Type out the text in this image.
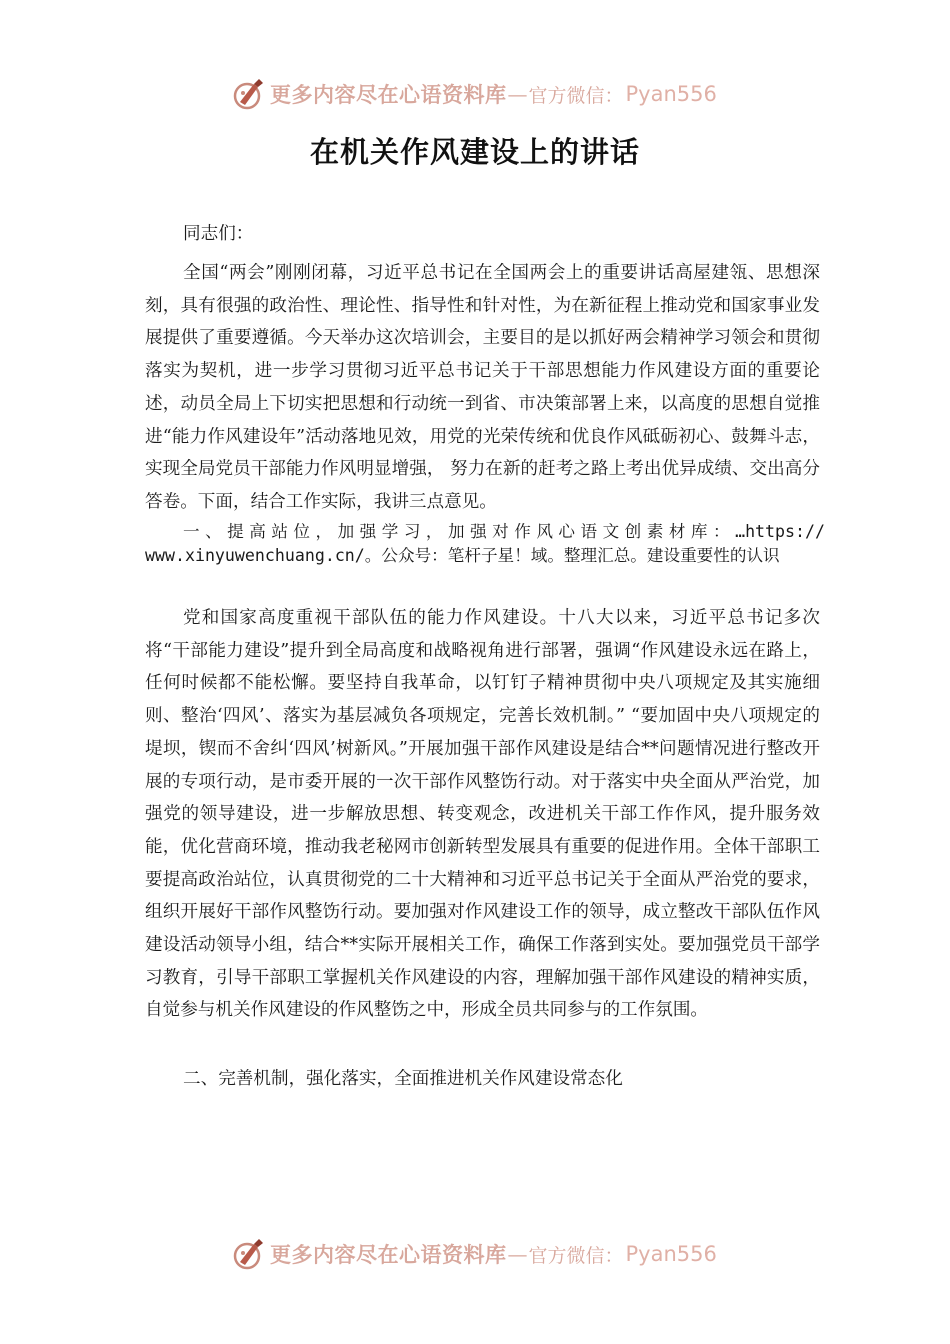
更多内容尽在心语资料库 — 官方微信： Pyan556
在机关作风建设上的讲话

同志们：

全国“两会”刚刚闭幕，习近平总书记在全国两会上的重要讲话高屋建瓴、思想深刻，具有很强的政治性、理论性、指导性和针对性，为在新征程上推动党和国家事业发展提供了重要遵循。今天举办这次培训会，主要目的是以抓好两会精神学习领会和贯彻落实为契机，进一步学习贯彻习近平总书记关于干部思想能力作风建设方面的重要论述，动员全局上下切实把思想和行动统一到省、市决策部署上来，以高度的思想自觉推进“能力作风建设年”活动落地见效，用党的光荣传统和优良作风砥砺初心、鼓舞斗志，实现全局党员干部能力作风明显增强， 努力在新的赶考之路上考出优异成绩、交出高分答卷。下面，结合工作实际，我讲三点意见。

一、提高站位，加强学习，加强对作风心语文创素材库：…https:// www.xinyuwenchuang.cn/。公众号：笔杆子星！域。整理汇总。建设重要性的认识

党和国家高度重视干部队伍的能力作风建设。十八大以来，习近平总书记多次将“干部能力建设”提升到全局高度和战略视角进行部署，强调“作风建设永远在路上，任何时候都不能松懈。要坚持自我革命，以钉钉子精神贯彻中央八项规定及其实施细则、整治‘四风’、落实为基层减负各项规定，完善长效机制。” “要加固中央八项规定的堤坝，锲而不舍纠‘四风’树新风。”开展加强干部作风建设是结合**问题情况进行整改开展的专项行动，是市委开展的一次干部作风整饬行动。对于落实中央全面从严治党，加强党的领导建设，进一步解放思想、转变观念，改进机关干部工作作风，提升服务效能，优化营商环境，推动我老秘网市创新转型发展具有重要的促进作用。全体干部职工要提高政治站位，认真贯彻党的二十大精神和习近平总书记关于全面从严治党的要求，组织开展好干部作风整饬行动。要加强对作风建设工作的领导，成立整改干部队伍作风建设活动领导小组，结合**实际开展相关工作，确保工作落到实处。要加强党员干部学习教育，引导干部职工掌握机关作风建设的内容，理解加强干部作风建设的精神实质， 自觉参与机关作风建设的作风整饬之中，形成全员共同参与的工作氛围。

二、完善机制，强化落实，全面推进机关作风建设常态化

更多内容尽在心语资料库 — 官方微信： Pyan556
